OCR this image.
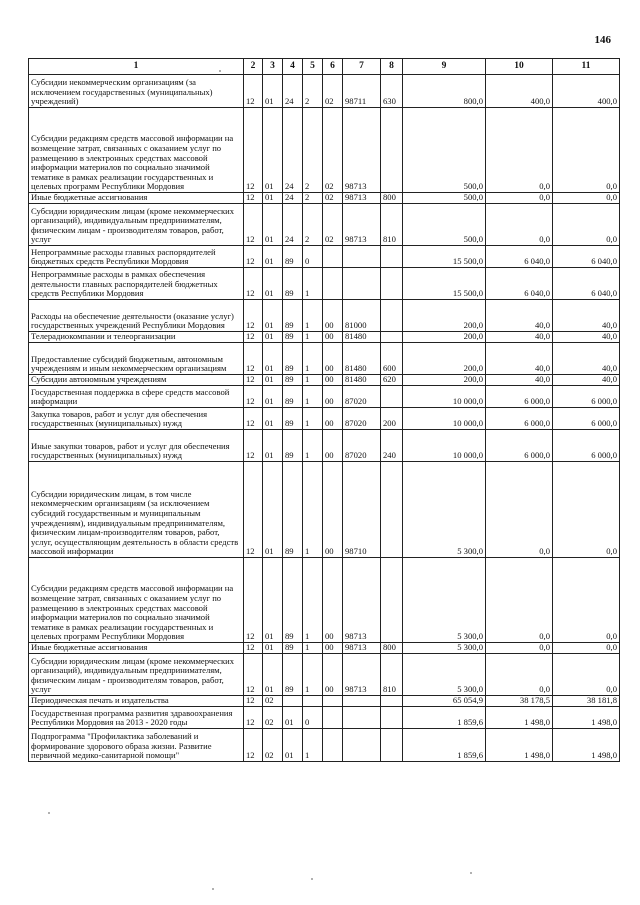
146
1	2	3	4	5	6	7	8	9	10	11
Субсидии некоммерческим организациям (за исключением государственных (муниципальных) учреждений)	12	01	24	2	02	98711	630	800,0	400,0	400,0
Субсидии редакциям средств массовой информации на возмещение затрат, связанных с оказанием услуг по размещению в электронных средствах массовой информации материалов по социально значимой тематике в рамках реализации государственных и целевых программ Республики Мордовия	12	01	24	2	02	98713		500,0	0,0	0,0
Иные бюджетные ассигнования	12	01	24	2	02	98713	800	500,0	0,0	0,0
Субсидии юридическим лицам (кроме некоммерческих организаций), индивидуальным предпринимателям, физическим лицам - производителям товаров, работ, услуг	12	01	24	2	02	98713	810	500,0	0,0	0,0
Непрограммные расходы главных распорядителей бюджетных средств Республики Мордовия	12	01	89	0				15 500,0	6 040,0	6 040,0
Непрограммные расходы в рамках обеспечения деятельности главных распорядителей бюджетных средств Республики Мордовия	12	01	89	1				15 500,0	6 040,0	6 040,0
Расходы на обеспечение деятельности (оказание услуг) государственных учреждений Республики Мордовия	12	01	89	1	00	81000		200,0	40,0	40,0
Телерадиокомпании и телеорганизации	12	01	89	1	00	81480		200,0	40,0	40,0
Предоставление субсидий бюджетным, автономным учреждениям и иным некоммерческим организациям	12	01	89	1	00	81480	600	200,0	40,0	40,0
Субсидии автономным учреждениям	12	01	89	1	00	81480	620	200,0	40,0	40,0
Государственная поддержка в сфере средств массовой информации	12	01	89	1	00	87020		10 000,0	6 000,0	6 000,0
Закупка товаров, работ и услуг для обеспечения государственных (муниципальных) нужд	12	01	89	1	00	87020	200	10 000,0	6 000,0	6 000,0
Иные закупки товаров, работ и услуг для обеспечения государственных (муниципальных) нужд	12	01	89	1	00	87020	240	10 000,0	6 000,0	6 000,0
Субсидии юридическим лицам, в том числе некоммерческим организациям (за исключением субсидий государственным и муниципальным учреждениям), индивидуальным предпринимателям, физическим лицам-производителям товаров, работ, услуг, осуществляющим деятельность в области средств массовой информации	12	01	89	1	00	98710		5 300,0	0,0	0,0
Субсидии редакциям средств массовой информации на возмещение затрат, связанных с оказанием услуг по размещению в электронных средствах массовой информации материалов по социально значимой тематике в рамках реализации государственных и целевых программ Республики Мордовия	12	01	89	1	00	98713		5 300,0	0,0	0,0
Иные бюджетные ассигнования	12	01	89	1	00	98713	800	5 300,0	0,0	0,0
Субсидии юридическим лицам (кроме некоммерческих организаций), индивидуальным предпринимателям, физическим лицам - производителям товаров, работ, услуг	12	01	89	1	00	98713	810	5 300,0	0,0	0,0
Периодическая печать и издательства	12	02						65 054,9	38 178,5	38 181,8
Государственная программа развития здравоохранения Республики Мордовия на 2013 - 2020 годы	12	02	01	0				1 859,6	1 498,0	1 498,0
Подпрограмма "Профилактика заболеваний и формирование здорового образа жизни. Развитие первичной медико-санитарной помощи"	12	02	01	1				1 859,6	1 498,0	1 498,0
